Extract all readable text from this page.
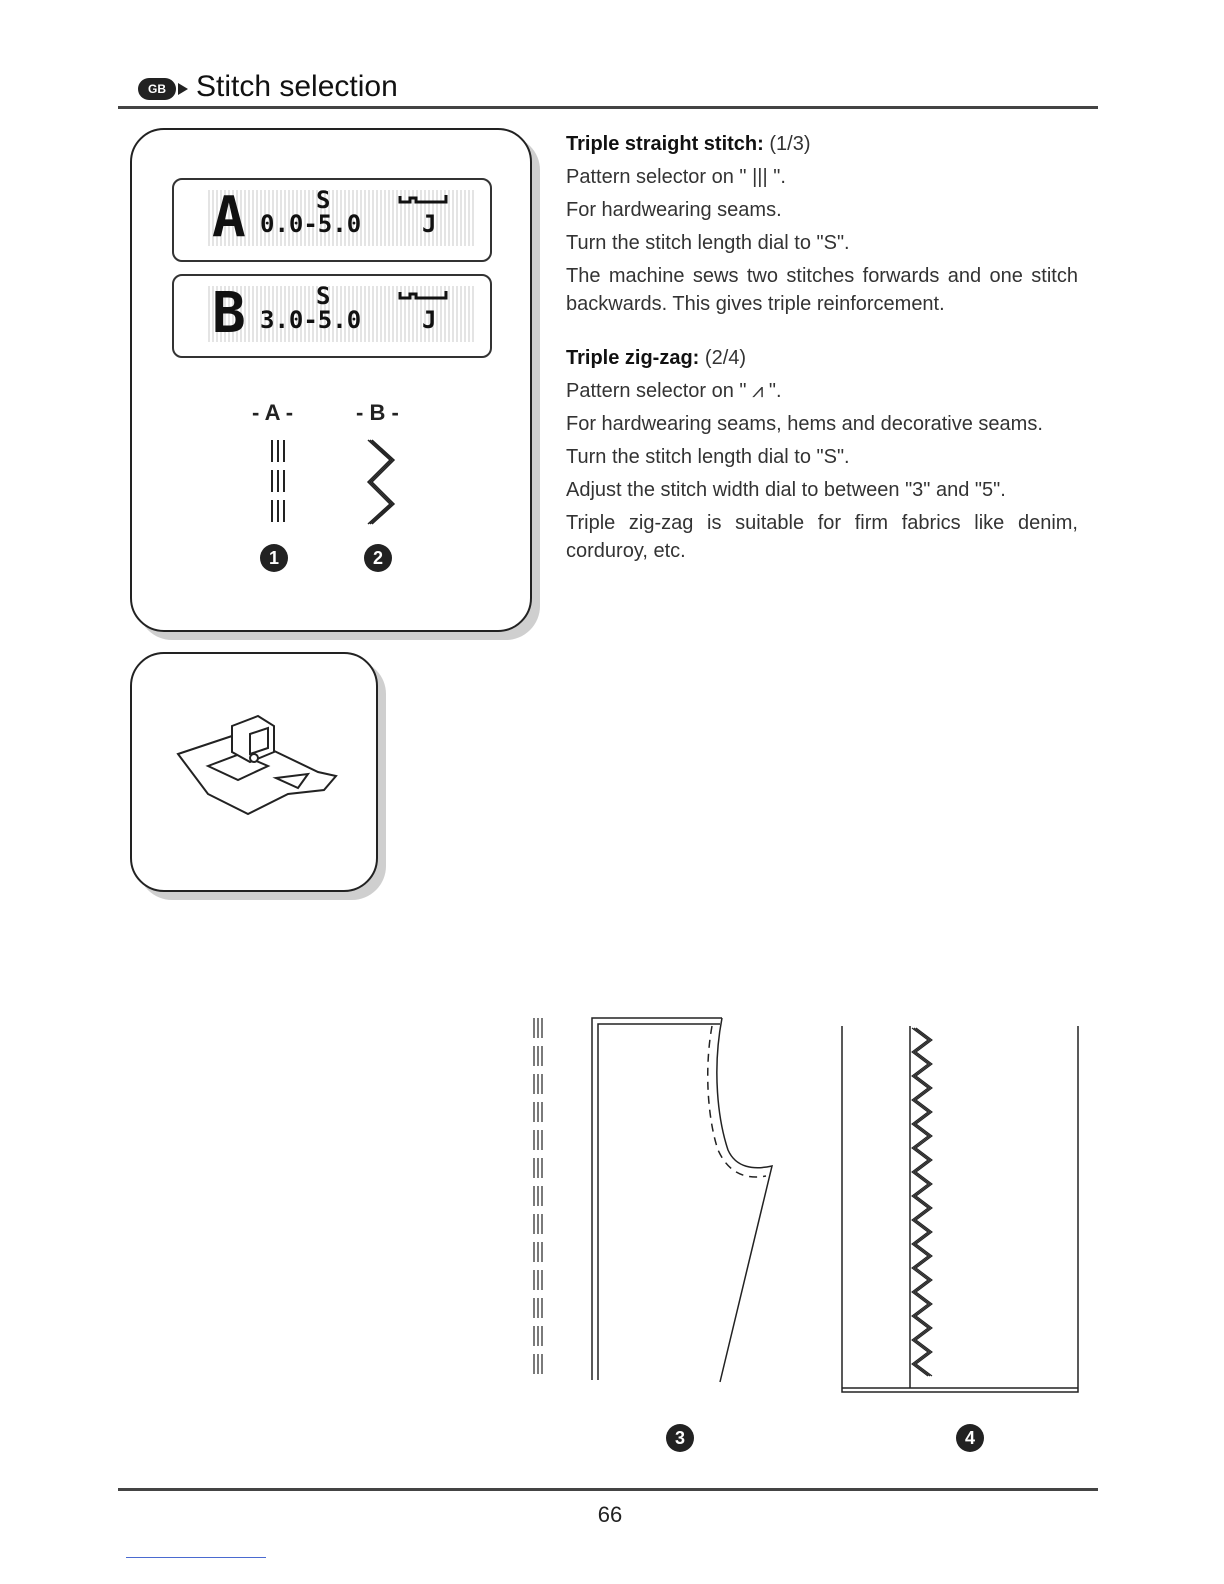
GB	Stitch selection
A	S
0.0-5.0	J
B	S
3.0-5.0	J
- A -	- B -
1	2

Triple straight stitch: (1/3)

Pattern selector on " ||| ".

For hardwearing seams.

Turn the stitch length dial to "S".

The machine sews two stitches forwards and one stitch backwards. This gives triple reinforcement.

Triple zig-zag: (2/4)

Pattern selector on " ⩘ ".

For hardwearing seams, hems and decorative seams.

Turn the stitch length dial to "S".

Adjust the stitch width dial to between "3" and "5".

Triple zig-zag is suitable for firm fabrics like denim, corduroy, etc.

3	4
66
